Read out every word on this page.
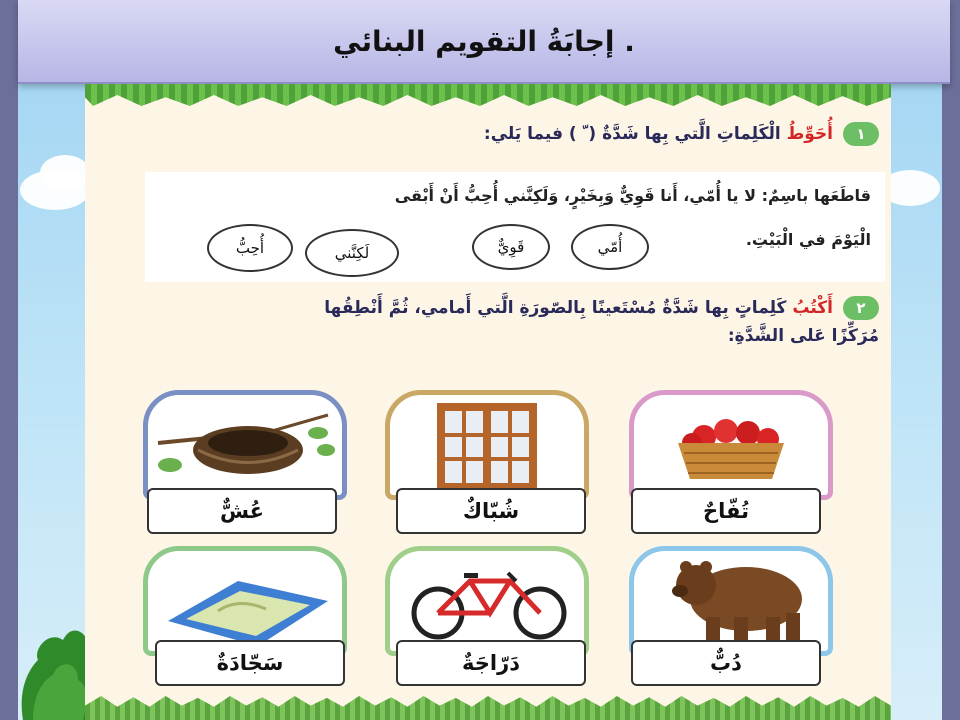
إجابَةُ التقويم البنائي .
١
أُحَوِّطُ الْكَلِماتِ الَّتي بِها شَدَّةٌ ( ّ ) فيما يَلي:
قاطَعَها باسِمٌ: لا يا أُمّي، أَنا قَوِيٌّ وَبِخَيْرٍ، وَلَكِنَّني أُحِبُّ أَنْ أَبْقى
الْيَوْمَ في الْبَيْتِ.
أُحِبُّ	لَكِنَّني	قَوِيٌّ	أُمّي
٢
أَكْتُبُ كَلِماتٍ بِها شَدَّةٌ مُسْتَعينًا بِالصّورَةِ الَّتي أَمامي، ثُمَّ أَنْطِقُها
مُرَكِّزًا عَلى الشَّدَّةِ:
عُشٌّ	شُبّاكٌ	تُفّاحٌ
سَجّادَةٌ	دَرّاجَةٌ	دُبٌّ
